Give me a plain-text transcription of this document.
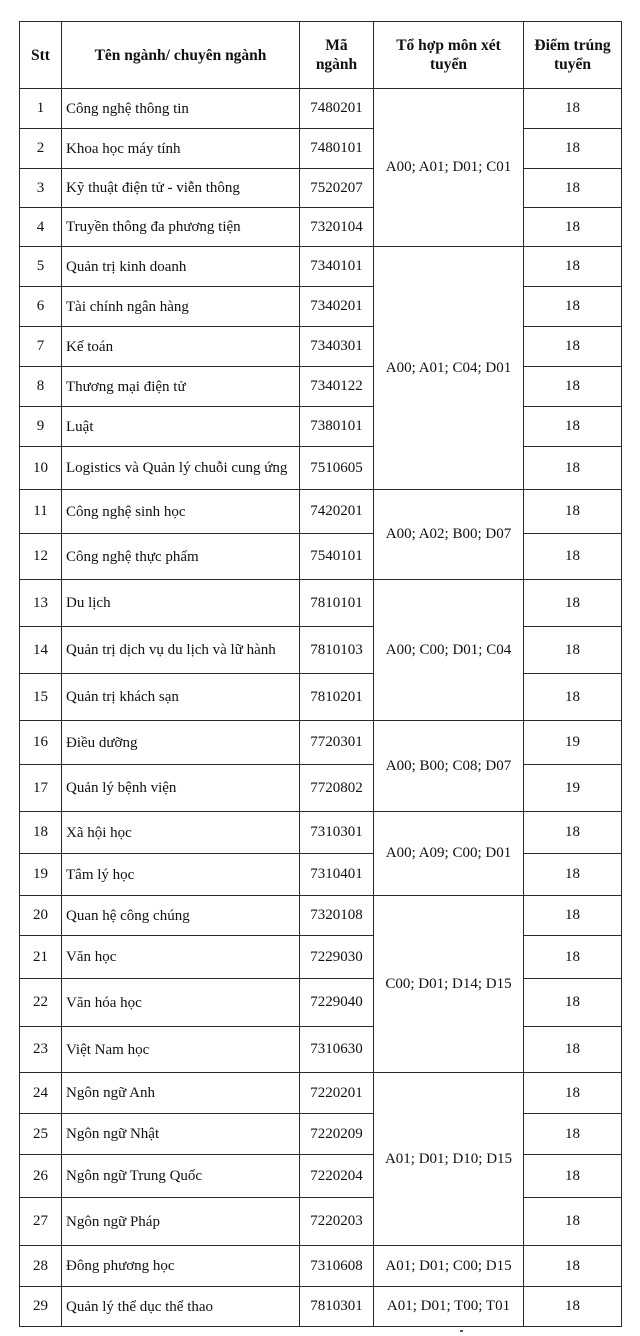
Stt	Tên ngành/ chuyên ngành	Mã ngành	Tổ hợp môn xét tuyển	Điểm trúng tuyển
1	Công nghệ thông tin	7480201	A00; A01; D01; C01	18
2	Khoa học máy tính	7480101		18
3	Kỹ thuật điện tử - viễn thông	7520207		18
4	Truyền thông đa phương tiện	7320104		18
5	Quản trị kinh doanh	7340101	A00; A01; C04; D01	18
6	Tài chính ngân hàng	7340201		18
7	Kế toán	7340301		18
8	Thương mại điện tử	7340122		18
9	Luật	7380101		18
10	Logistics và Quản lý chuỗi cung ứng	7510605		18
11	Công nghệ sinh học	7420201	A00; A02; B00; D07	18
12	Công nghệ thực phẩm	7540101		18
13	Du lịch	7810101	A00; C00; D01; C04	18
14	Quản trị dịch vụ du lịch và lữ hành	7810103		18
15	Quản trị khách sạn	7810201		18
16	Điều dưỡng	7720301	A00; B00; C08; D07	19
17	Quản lý bệnh viện	7720802		19
18	Xã hội học	7310301	A00; A09; C00; D01	18
19	Tâm lý học	7310401		18
20	Quan hệ công chúng	7320108	C00; D01; D14; D15	18
21	Văn học	7229030		18
22	Văn hóa học	7229040		18
23	Việt Nam học	7310630		18
24	Ngôn ngữ Anh	7220201	A01; D01; D10; D15	18
25	Ngôn ngữ Nhật	7220209		18
26	Ngôn ngữ Trung Quốc	7220204		18
27	Ngôn ngữ Pháp	7220203		18
28	Đông phương học	7310608	A01; D01; C00; D15	18
29	Quản lý thể dục thể thao	7810301	A01; D01; T00; T01	18
